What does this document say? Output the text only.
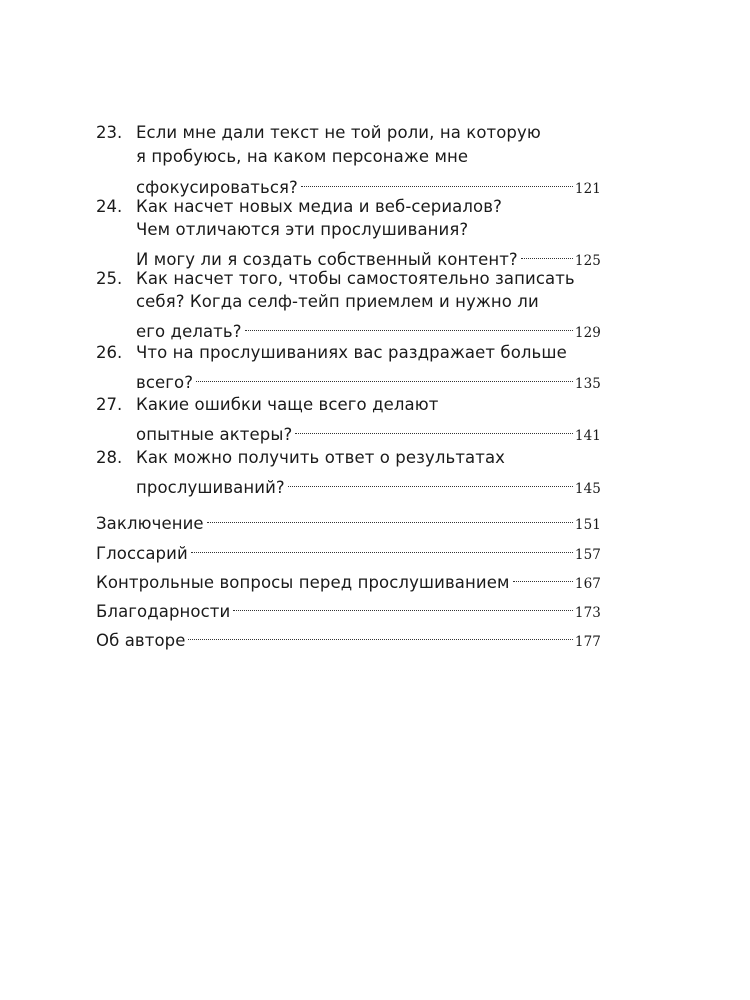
23. Если мне дали текст не той роли, на которую
я пробуюсь, на каком персонаже мне
сфокусироваться?	121
24. Как насчет новых медиа и веб-сериалов?
Чем отличаются эти прослушивания?
И могу ли я создать собственный контент?	125
25. Как насчет того, чтобы самостоятельно записать
себя? Когда селф-тейп приемлем и нужно ли
его делать?	129
26. Что на прослушиваниях вас раздражает больше
всего?	135
27. Какие ошибки чаще всего делают
опытные актеры?	141
28. Как можно получить ответ о результатах
прослушиваний?	145
Заключение	151
Глоссарий	157
Контрольные вопросы перед прослушиванием	167
Благодарности	173
Об авторе	177
